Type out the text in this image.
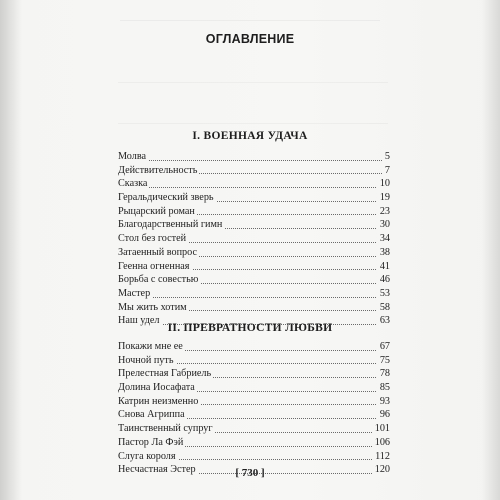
ОГЛАВЛЕНИЕ
I. ВОЕННАЯ УДАЧА
Молва	5
Действительность	7
Сказка	10
Геральдический зверь	19
Рыцарский роман	23
Благодарственный гимн	30
Стол без гостей	34
Затаенный вопрос	38
Геенна огненная	41
Борьба с совестью	46
Мастер	53
Мы жить хотим	58
Наш удел	63
II. ПРЕВРАТНОСТИ ЛЮБВИ
Покажи мне ее	67
Ночной путь	75
Прелестная Габриель	78
Долина Иосафата	85
Катрин неизменно	93
Снова Агриппа	96
Таинственный супруг	101
Пастор Ла Фэй	106
Слуга короля	112
Несчастная Эстер	120

[ 730 ]
